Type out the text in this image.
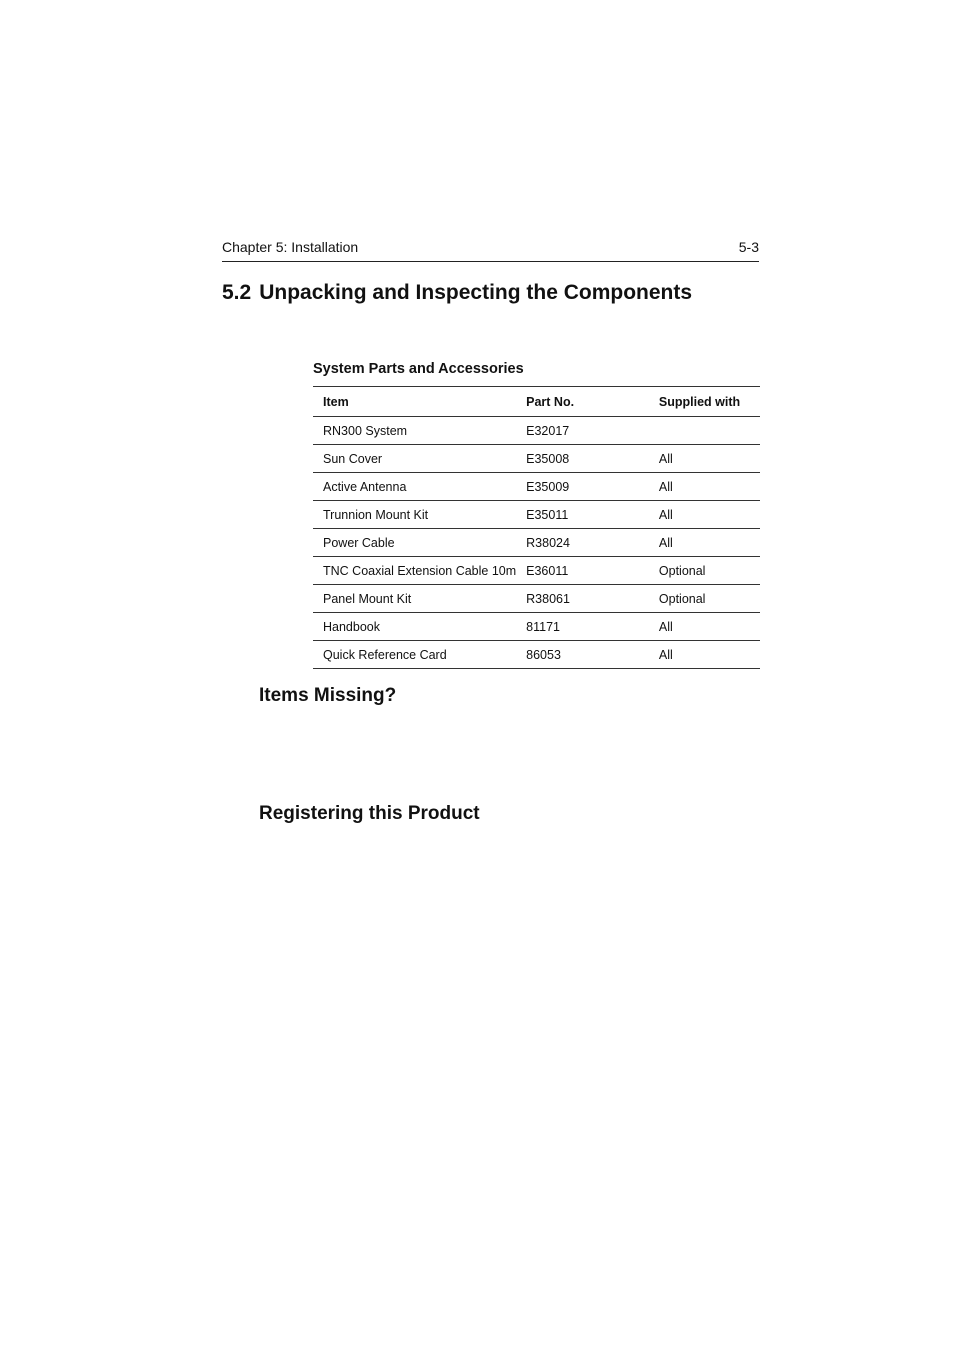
Chapter 5: Installation	5-3
5.2 Unpacking and Inspecting the Components
System Parts and Accessories
Item	Part No.	Supplied with
RN300 System	E32017	
Sun Cover	E35008	All
Active Antenna	E35009	All
Trunnion Mount Kit	E35011	All
Power Cable	R38024	All
TNC Coaxial Extension Cable 10m	E36011	Optional
Panel Mount Kit	R38061	Optional
Handbook	81171	All
Quick Reference Card	86053	All
Items Missing?
Registering this Product
